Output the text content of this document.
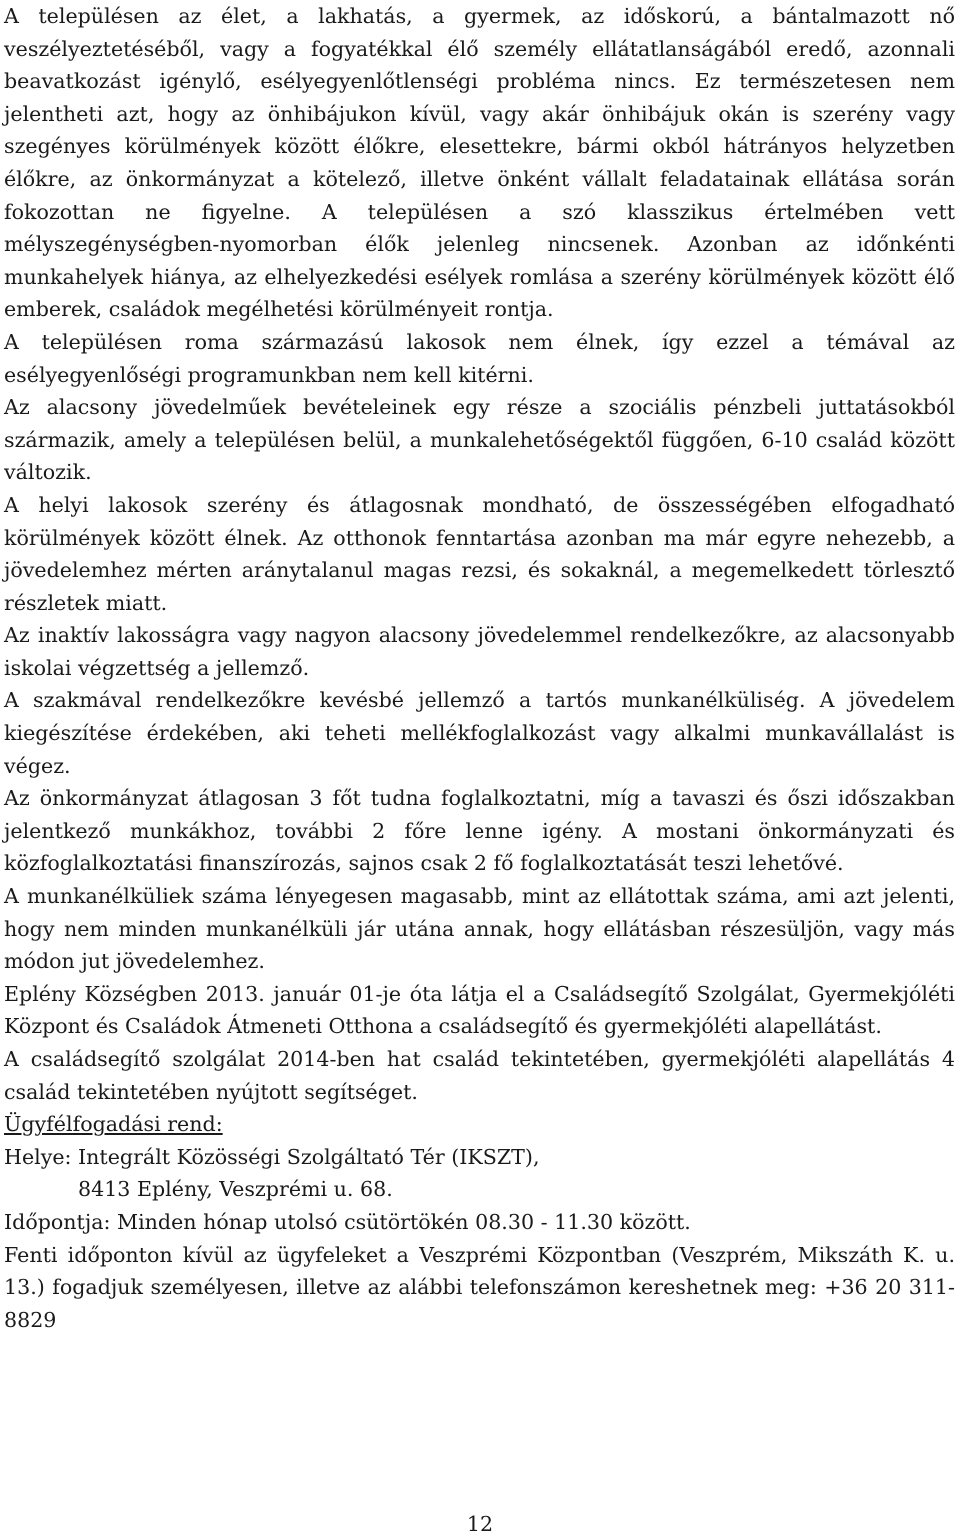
A településen az élet, a lakhatás, a gyermek, az időskorú, a bántalmazott nő veszélyeztetéséből, vagy a fogyatékkal élő személy ellátatlanságából eredő, azonnali beavatkozást igénylő, esélyegyenlőtlenségi probléma nincs. Ez természetesen nem jelentheti azt, hogy az önhibájukon kívül, vagy akár önhibájuk okán is szerény vagy szegényes körülmények között élőkre, elesettekre, bármi okból hátrányos helyzetben élőkre, az önkormányzat a kötelező, illetve önként vállalt feladatainak ellátása során fokozottan ne figyelne. A településen a szó klasszikus értelmében vett mélyszegénységben-nyomorban élők jelenleg nincsenek. Azonban az időnkénti munkahelyek hiánya, az elhelyezkedési esélyek romlása a szerény körülmények között élő emberek, családok megélhetési körülményeit rontja.

A településen roma származású lakosok nem élnek, így ezzel a témával az esélyegyenlőségi programunkban nem kell kitérni.

Az alacsony jövedelműek bevételeinek egy része a szociális pénzbeli juttatásokból származik, amely a településen belül, a munkalehetőségektől függően, 6-10 család között változik.

A helyi lakosok szerény és átlagosnak mondható, de összességében elfogadható körülmények között élnek. Az otthonok fenntartása azonban ma már egyre nehezebb, a jövedelemhez mérten aránytalanul magas rezsi, és sokaknál, a megemelkedett törlesztő részletek miatt.

Az inaktív lakosságra vagy nagyon alacsony jövedelemmel rendelkezőkre, az alacsonyabb iskolai végzettség a jellemző.

A szakmával rendelkezőkre kevésbé jellemző a tartós munkanélküliség. A jövedelem kiegészítése érdekében, aki teheti mellékfoglalkozást vagy alkalmi munkavállalást is végez.

Az önkormányzat átlagosan 3 főt tudna foglalkoztatni, míg a tavaszi és őszi időszakban jelentkező munkákhoz, további 2 főre lenne igény. A mostani önkormányzati és közfoglalkoztatási finanszírozás, sajnos csak 2 fő foglalkoztatását teszi lehetővé.

A munkanélküliek száma lényegesen magasabb, mint az ellátottak száma, ami azt jelenti, hogy nem minden munkanélküli jár utána annak, hogy ellátásban részesüljön, vagy más módon jut jövedelemhez.

Eplény Községben 2013. január 01-je óta látja el a Családsegítő Szolgálat, Gyermekjóléti Központ és Családok Átmeneti Otthona a családsegítő és gyermekjóléti alapellátást.

A családsegítő szolgálat 2014-ben hat család tekintetében, gyermekjóléti alapellátás 4 család tekintetében nyújtott segítséget.

Ügyfélfogadási rend:

Helye: Integrált Közösségi Szolgáltató Tér (IKSZT),

8413 Eplény, Veszprémi u. 68.

Időpontja: Minden hónap utolsó csütörtökén 08.30 - 11.30 között.

Fenti időponton kívül az ügyfeleket a Veszprémi Központban (Veszprém, Mikszáth K. u. 13.) fogadjuk személyesen, illetve az alábbi telefonszámon kereshetnek meg: +36 20 311-8829

12
